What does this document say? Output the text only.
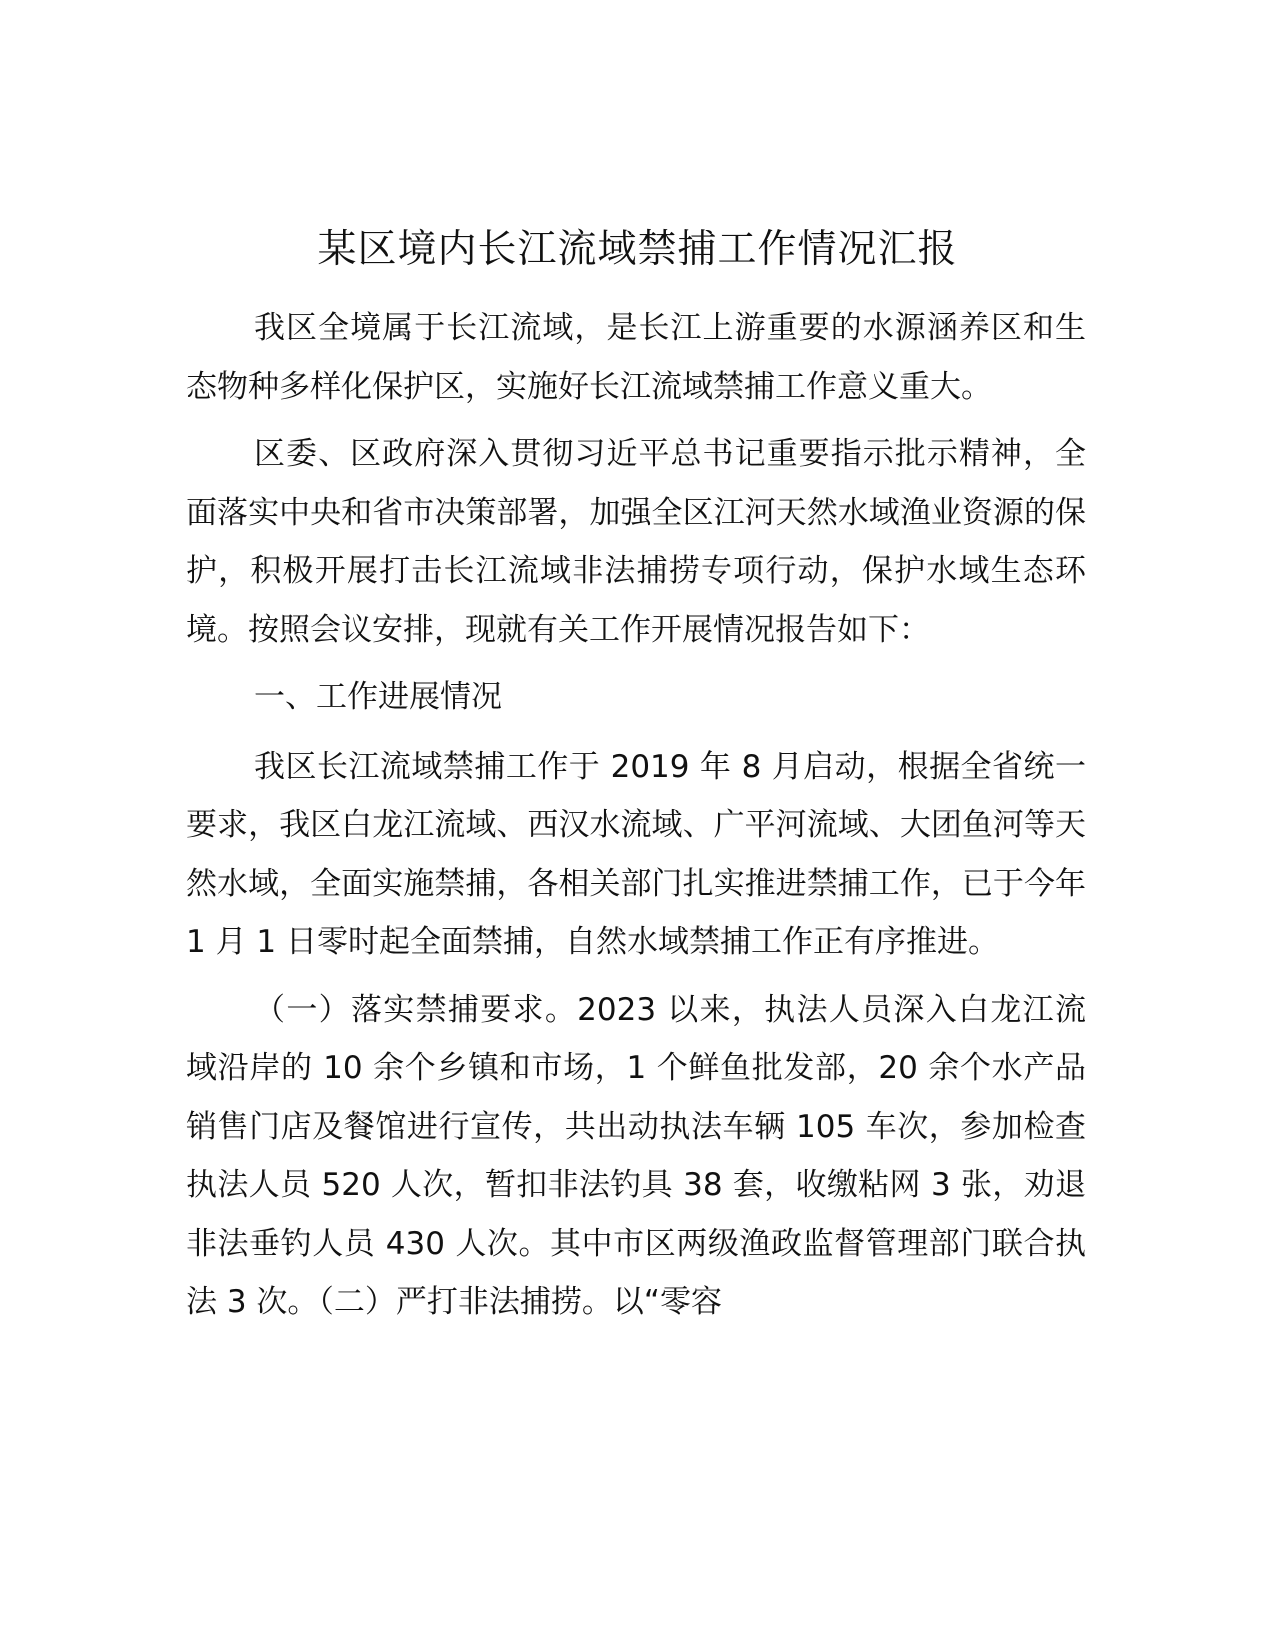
某区境内长江流域禁捕工作情况汇报

我区全境属于长江流域，是长江上游重要的水源涵养区和生态物种多样化保护区，实施好长江流域禁捕工作意义重大。

区委、区政府深入贯彻习近平总书记重要指示批示精神，全面落实中央和省市决策部署，加强全区江河天然水域渔业资源的保护，积极开展打击长江流域非法捕捞专项行动，保护水域生态环境。按照会议安排，现就有关工作开展情况报告如下：

一、工作进展情况

我区长江流域禁捕工作于 2019 年 8 月启动，根据全省统一要求，我区白龙江流域、西汉水流域、广平河流域、大团鱼河等天然水域，全面实施禁捕，各相关部门扎实推进禁捕工作，已于今年 1 月 1 日零时起全面禁捕，自然水域禁捕工作正有序推进。

（一）落实禁捕要求。2023 以来，执法人员深入白龙江流域沿岸的 10 余个乡镇和市场，1 个鲜鱼批发部，20 余个水产品销售门店及餐馆进行宣传，共出动执法车辆 105 车次，参加检查执法人员 520 人次，暂扣非法钓具 38 套，收缴粘网 3 张，劝退非法垂钓人员 430 人次。其中市区两级渔政监督管理部门联合执法 3 次。（二）严打非法捕捞。以“零容
